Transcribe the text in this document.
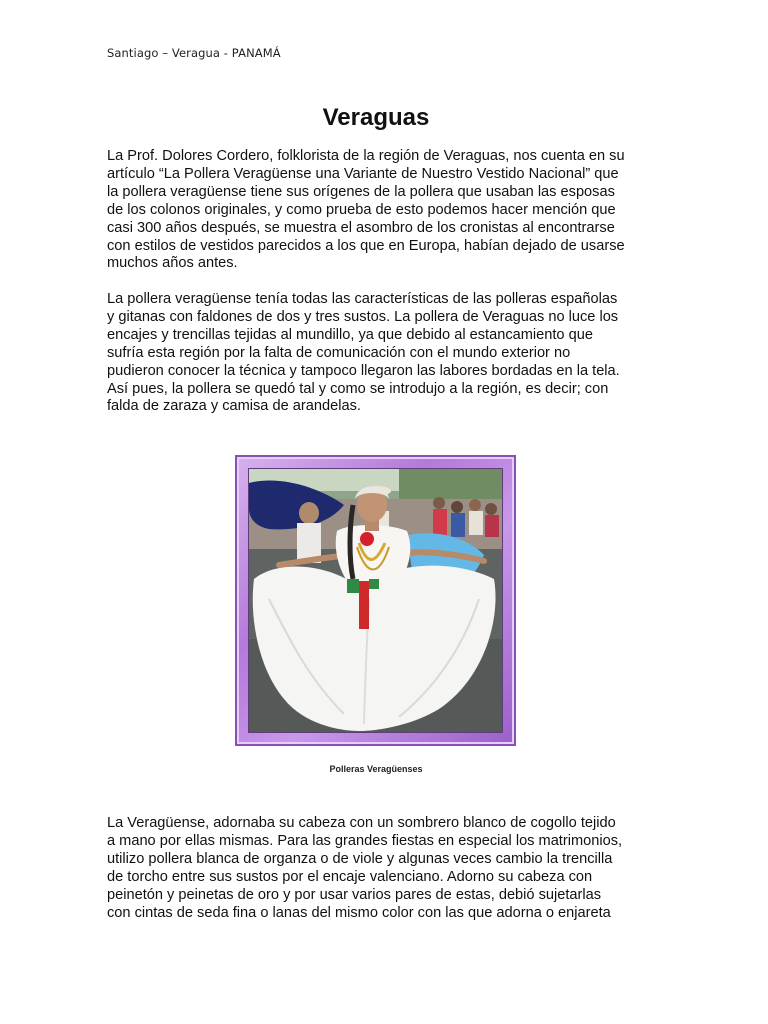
Santiago – Veragua - PANAMÁ
Veraguas
La Prof. Dolores Cordero, folklorista de la región de Veraguas, nos cuenta en su
artículo “La Pollera Veragüense una Variante de Nuestro Vestido Nacional” que
la pollera veragüense tiene sus orígenes de la pollera que usaban las esposas
de los colonos originales, y como prueba de esto podemos hacer mención que
casi 300 años después, se muestra el asombro de los cronistas al encontrarse
con estilos de vestidos parecidos a los que en Europa, habían dejado de usarse
muchos años antes.
La pollera veragüense tenía todas las características de las polleras españolas
y gitanas con faldones de dos y tres sustos. La pollera de Veraguas no luce los
encajes y trencillas tejidas al mundillo, ya que debido al estancamiento que
sufría esta región por la falta de comunicación con el mundo exterior no
pudieron conocer la técnica y tampoco llegaron las labores bordadas en la tela.
Así pues, la pollera se quedó tal y como se introdujo a la región, es decir; con
falda de zaraza y camisa de arandelas.
Polleras Veragüenses
La Veragüense, adornaba su cabeza con un sombrero blanco de cogollo tejido
a mano por ellas mismas. Para las grandes fiestas en especial los matrimonios,
utilizo pollera blanca de organza o de viole y algunas veces cambio la trencilla
de torcho entre sus sustos por el encaje valenciano. Adorno su cabeza con
peinetón y peinetas de oro y por usar varios pares de estas, debió sujetarlas
con cintas de seda fina o lanas del mismo color con las que adorna o enjareta
